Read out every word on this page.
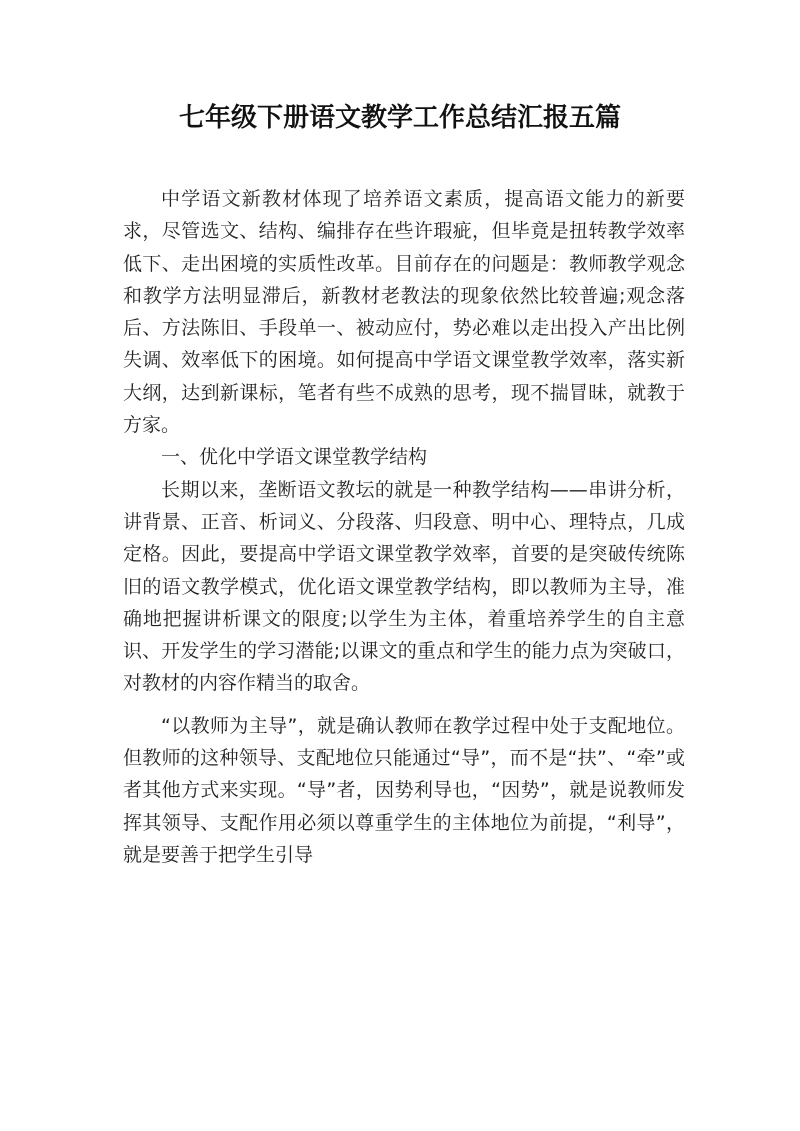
七年级下册语文教学工作总结汇报五篇

中学语文新教材体现了培养语文素质，提高语文能力的新要求，尽管选文、结构、编排存在些许瑕疵，但毕竟是扭转教学效率低下、走出困境的实质性改革。目前存在的问题是：教师教学观念和教学方法明显滞后，新教材老教法的现象依然比较普遍;观念落后、方法陈旧、手段单一、被动应付，势必难以走出投入产出比例失调、效率低下的困境。如何提高中学语文课堂教学效率，落实新大纲，达到新课标，笔者有些不成熟的思考，现不揣冒昧，就教于方家。

一、优化中学语文课堂教学结构

长期以来，垄断语文教坛的就是一种教学结构——串讲分析，讲背景、正音、析词义、分段落、归段意、明中心、理特点，几成定格。因此，要提高中学语文课堂教学效率，首要的是突破传统陈旧的语文教学模式，优化语文课堂教学结构，即以教师为主导，准确地把握讲析课文的限度;以学生为主体，着重培养学生的自主意识、开发学生的学习潜能;以课文的重点和学生的能力点为突破口，对教材的内容作精当的取舍。

“以教师为主导”，就是确认教师在教学过程中处于支配地位。但教师的这种领导、支配地位只能通过“导”，而不是“扶”、“牵”或者其他方式来实现。“导”者，因势利导也，“因势”，就是说教师发挥其领导、支配作用必须以尊重学生的主体地位为前提，“利导”，就是要善于把学生引导
